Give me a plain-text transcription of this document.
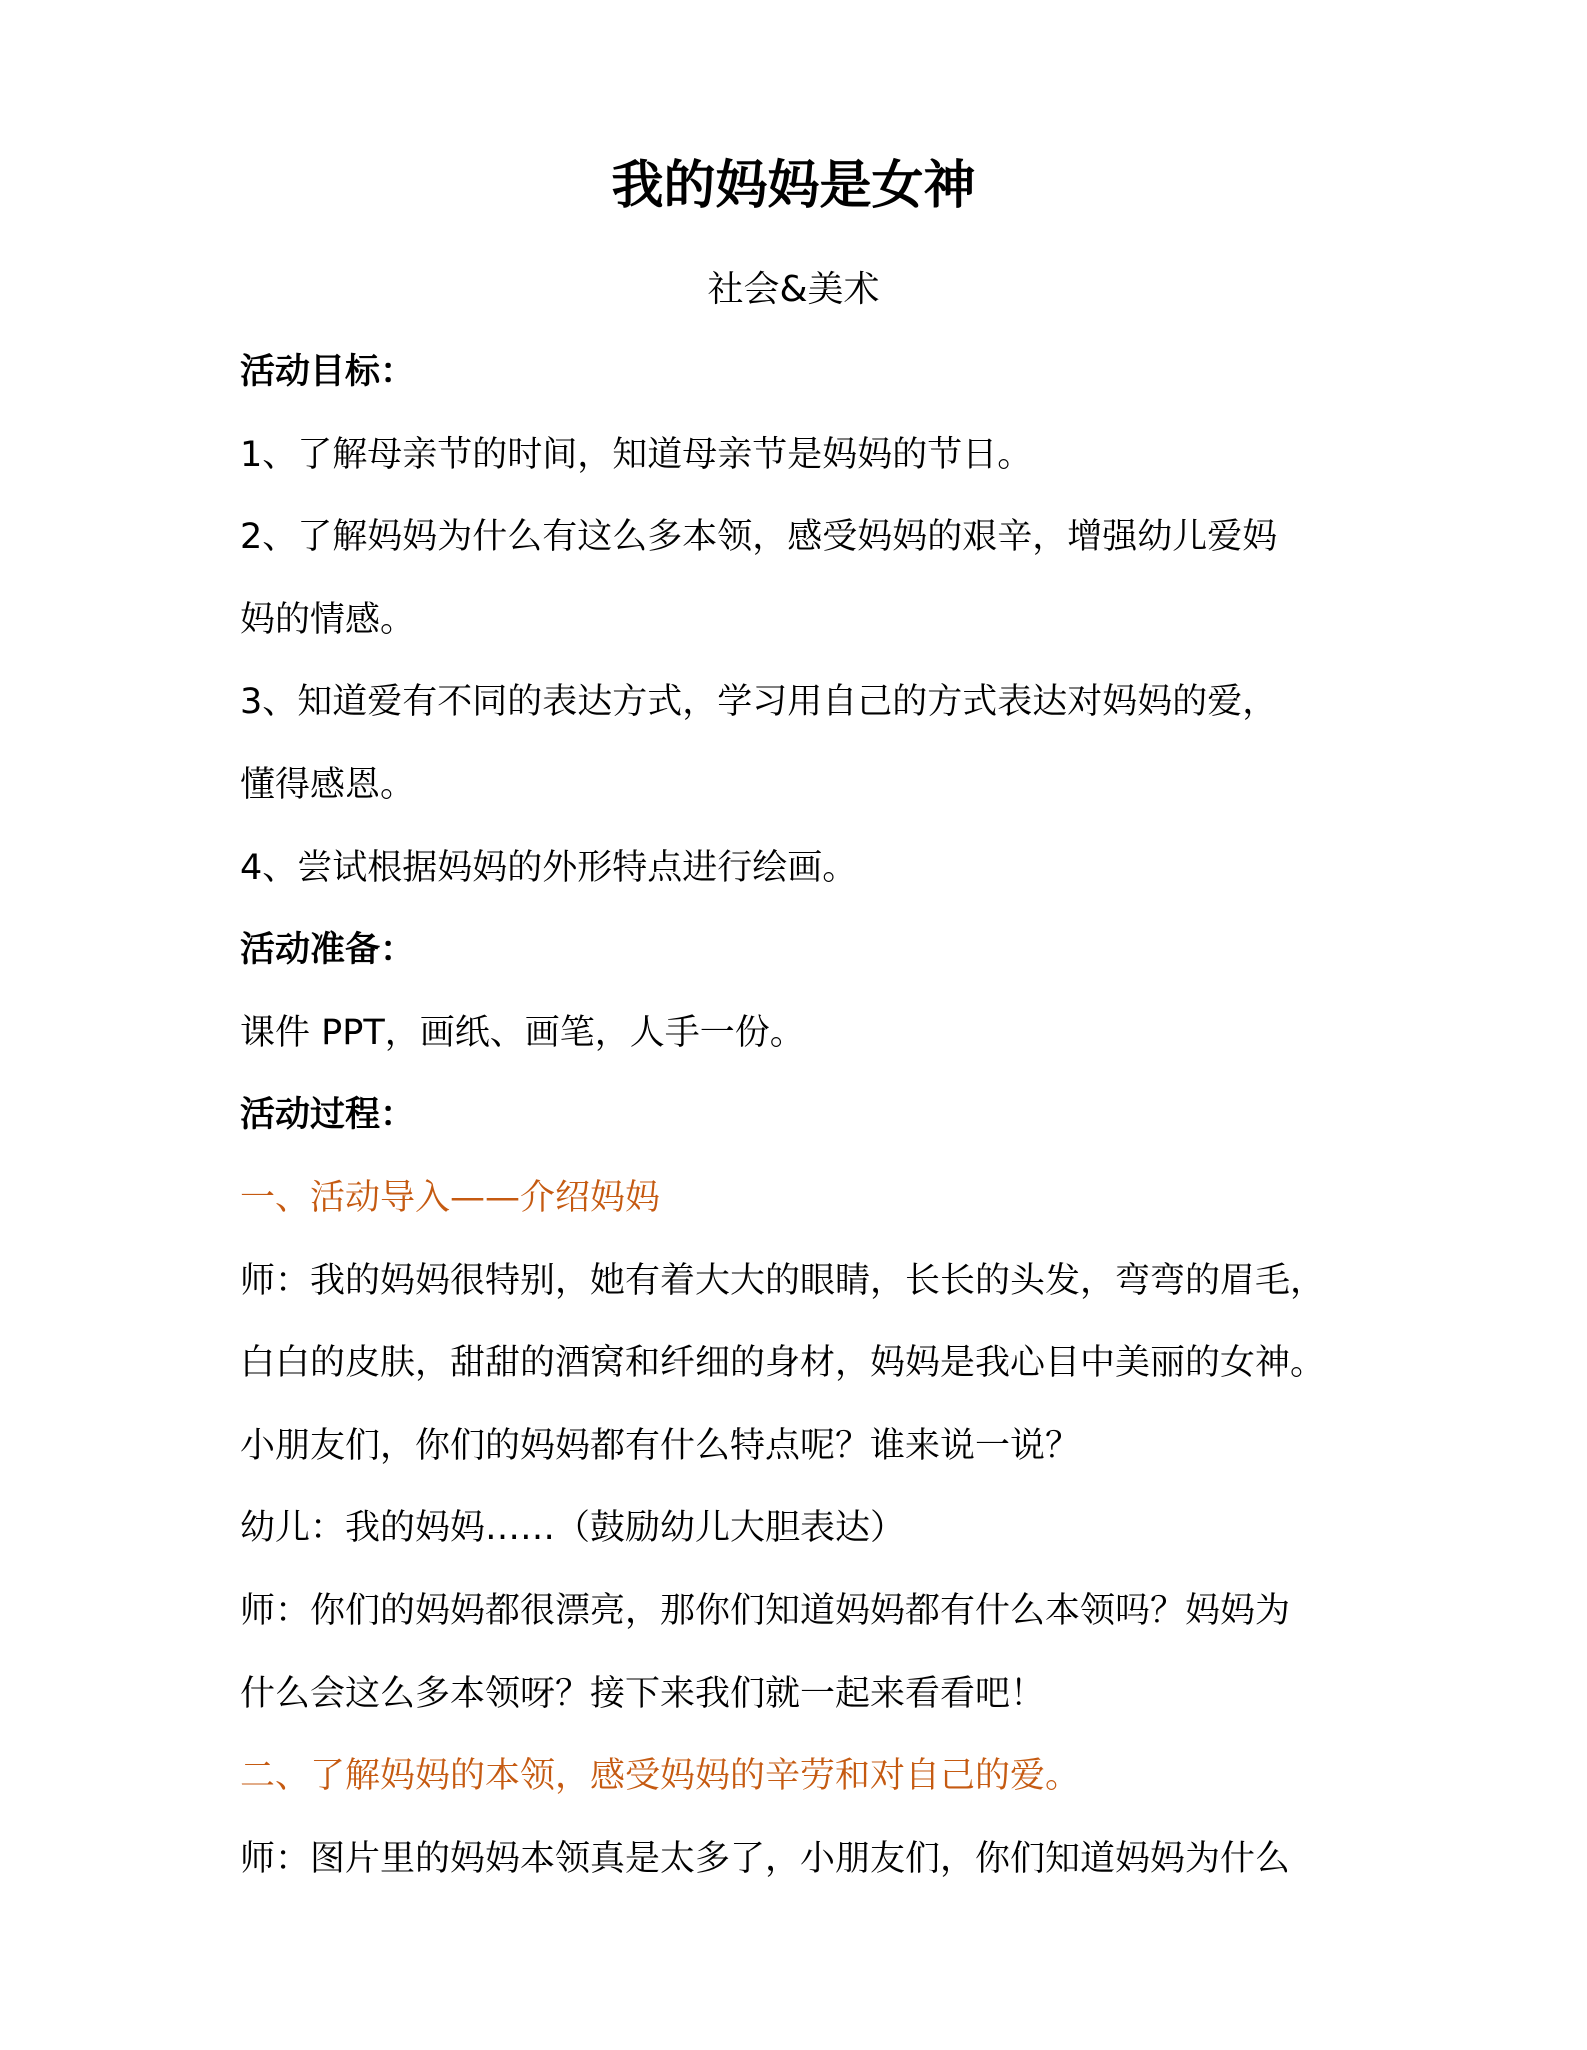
我的妈妈是女神
社会&美术
活动目标：
1、了解母亲节的时间，知道母亲节是妈妈的节日。
2、了解妈妈为什么有这么多本领，感受妈妈的艰辛，增强幼儿爱妈
妈的情感。
3、知道爱有不同的表达方式，学习用自己的方式表达对妈妈的爱，
懂得感恩。
4、尝试根据妈妈的外形特点进行绘画。
活动准备：
课件 PPT，画纸、画笔，人手一份。
活动过程：
一、活动导入——介绍妈妈
师：我的妈妈很特别，她有着大大的眼睛，长长的头发，弯弯的眉毛，
白白的皮肤，甜甜的酒窝和纤细的身材，妈妈是我心目中美丽的女神。
小朋友们，你们的妈妈都有什么特点呢？谁来说一说？
幼儿：我的妈妈……（鼓励幼儿大胆表达）
师：你们的妈妈都很漂亮，那你们知道妈妈都有什么本领吗？妈妈为
什么会这么多本领呀？接下来我们就一起来看看吧！
二、了解妈妈的本领，感受妈妈的辛劳和对自己的爱。
师：图片里的妈妈本领真是太多了，小朋友们，你们知道妈妈为什么
